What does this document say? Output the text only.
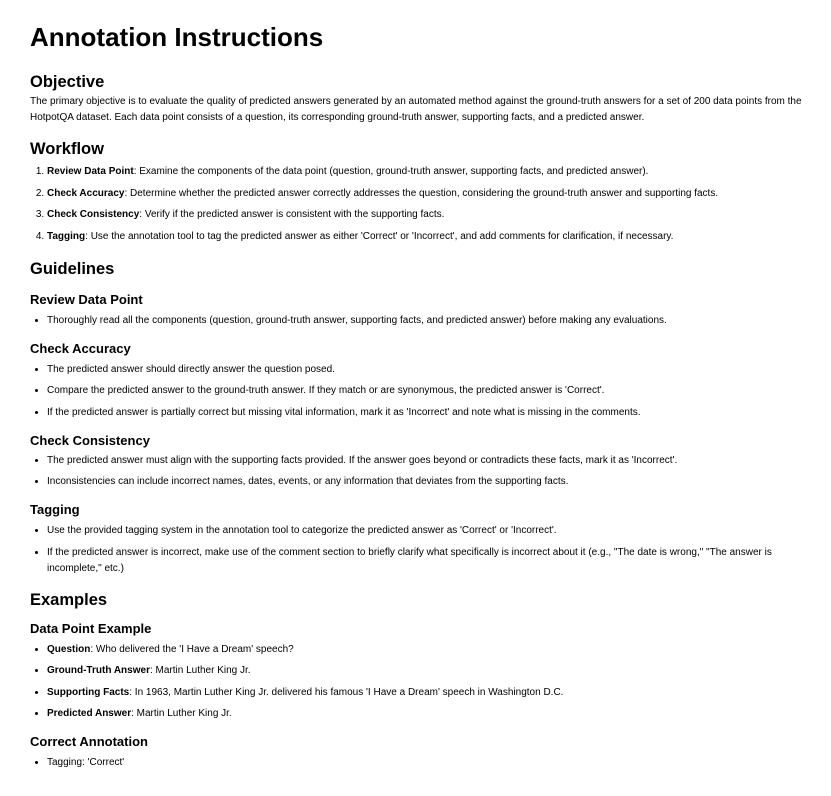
Annotation Instructions
Objective

The primary objective is to evaluate the quality of predicted answers generated by an automated method against the ground-truth answers for a set of 200 data points from the HotpotQA dataset. Each data point consists of a question, its corresponding ground-truth answer, supporting facts, and a predicted answer.

Workflow
1. Review Data Point: Examine the components of the data point (question, ground-truth answer, supporting facts, and predicted answer).
2. Check Accuracy: Determine whether the predicted answer correctly addresses the question, considering the ground-truth answer and supporting facts.
3. Check Consistency: Verify if the predicted answer is consistent with the supporting facts.
4. Tagging: Use the annotation tool to tag the predicted answer as either 'Correct' or 'Incorrect', and add comments for clarification, if necessary.
Guidelines
Review Data Point
• Thoroughly read all the components (question, ground-truth answer, supporting facts, and predicted answer) before making any evaluations.
Check Accuracy
• The predicted answer should directly answer the question posed.
• Compare the predicted answer to the ground-truth answer. If they match or are synonymous, the predicted answer is 'Correct'.
• If the predicted answer is partially correct but missing vital information, mark it as 'Incorrect' and note what is missing in the comments.
Check Consistency
• The predicted answer must align with the supporting facts provided. If the answer goes beyond or contradicts these facts, mark it as 'Incorrect'.
• Inconsistencies can include incorrect names, dates, events, or any information that deviates from the supporting facts.
Tagging
• Use the provided tagging system in the annotation tool to categorize the predicted answer as 'Correct' or 'Incorrect'.
• If the predicted answer is incorrect, make use of the comment section to briefly clarify what specifically is incorrect about it (e.g., "The date is wrong," "The answer is incomplete," etc.)
Examples
Data Point Example
• Question: Who delivered the 'I Have a Dream' speech?
• Ground-Truth Answer: Martin Luther King Jr.
• Supporting Facts: In 1963, Martin Luther King Jr. delivered his famous 'I Have a Dream' speech in Washington D.C.
• Predicted Answer: Martin Luther King Jr.
Correct Annotation
• Tagging: 'Correct'
